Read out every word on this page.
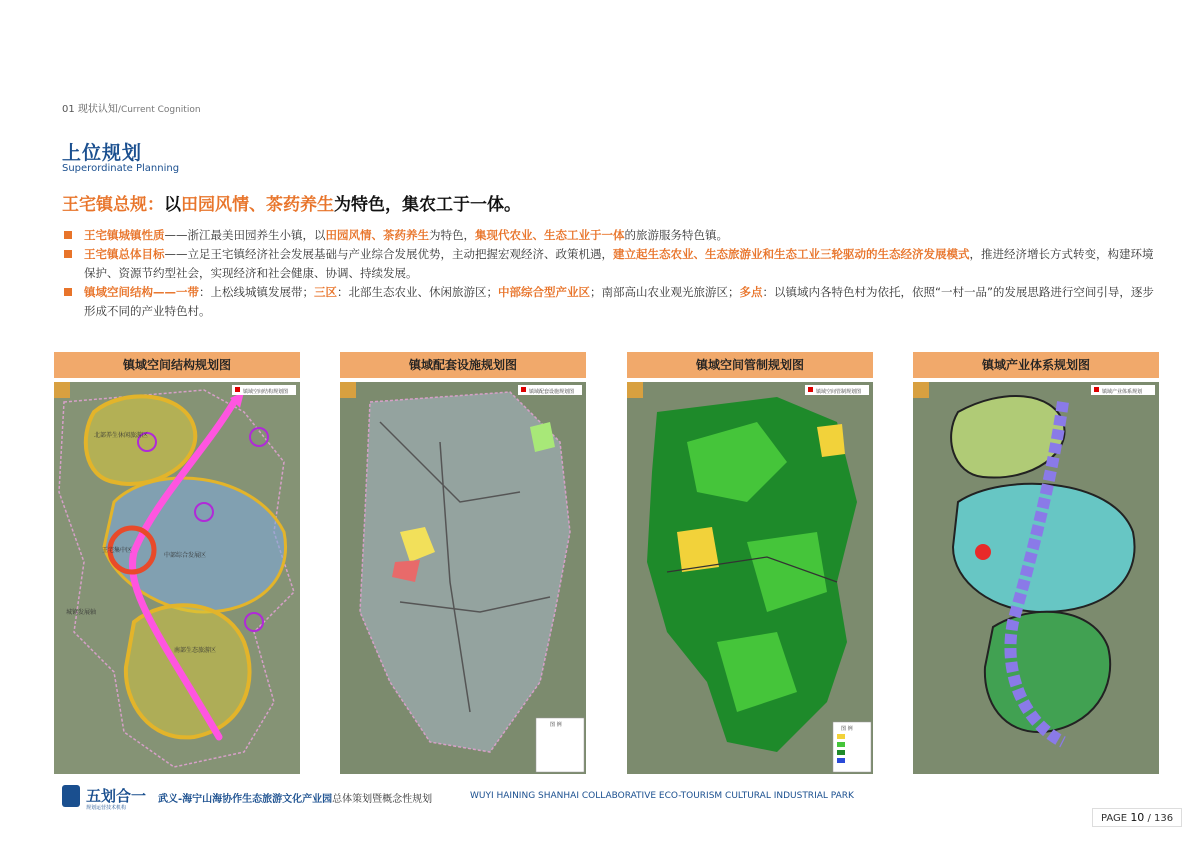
01 现状认知/Current Cognition
上位规划
Superordinate Planning
王宅镇总规：以田园风情、茶药养生为特色，集农工于一体。
王宅镇城镇性质——浙江最美田园养生小镇，以田园风情、茶药养生为特色，集现代农业、生态工业于一体的旅游服务特色镇。
王宅镇总体目标——立足王宅镇经济社会发展基础与产业综合发展优势，主动把握宏观经济、政策机遇，建立起生态农业、生态旅游业和生态工业三轮驱动的生态经济发展模式，推进经济增长方式转变，构建环境保护、资源节约型社会，实现经济和社会健康、协调、持续发展。
镇域空间结构——一带：上松线城镇发展带；三区：北部生态农业、休闲旅游区；中部综合型产业区；南部高山农业观光旅游区；多点：以镇域内各特色村为依托，依照“一村一品”的发展思路进行空间引导，逐步形成不同的产业特色村。
镇域空间结构规划图
镇域空间结构规划图
北部养生休闲旅游区
中部综合发展区
王宅集中区
城镇发展轴
南部生态旅游区
镇域配套设施规划图
镇域配套设施规划图
图 例
镇域空间管制规划图
镇域空间管制规划图
图 例
镇域产业体系规划图
镇域产业体系规划
五划合一
规划运营技术机构
武义-海宁山海协作生态旅游文化产业园总体策划暨概念性规划	WUYI HAINING SHANHAI COLLABORATIVE ECO-TOURISM CULTURAL INDUSTRIAL PARK
PAGE 10 / 136
